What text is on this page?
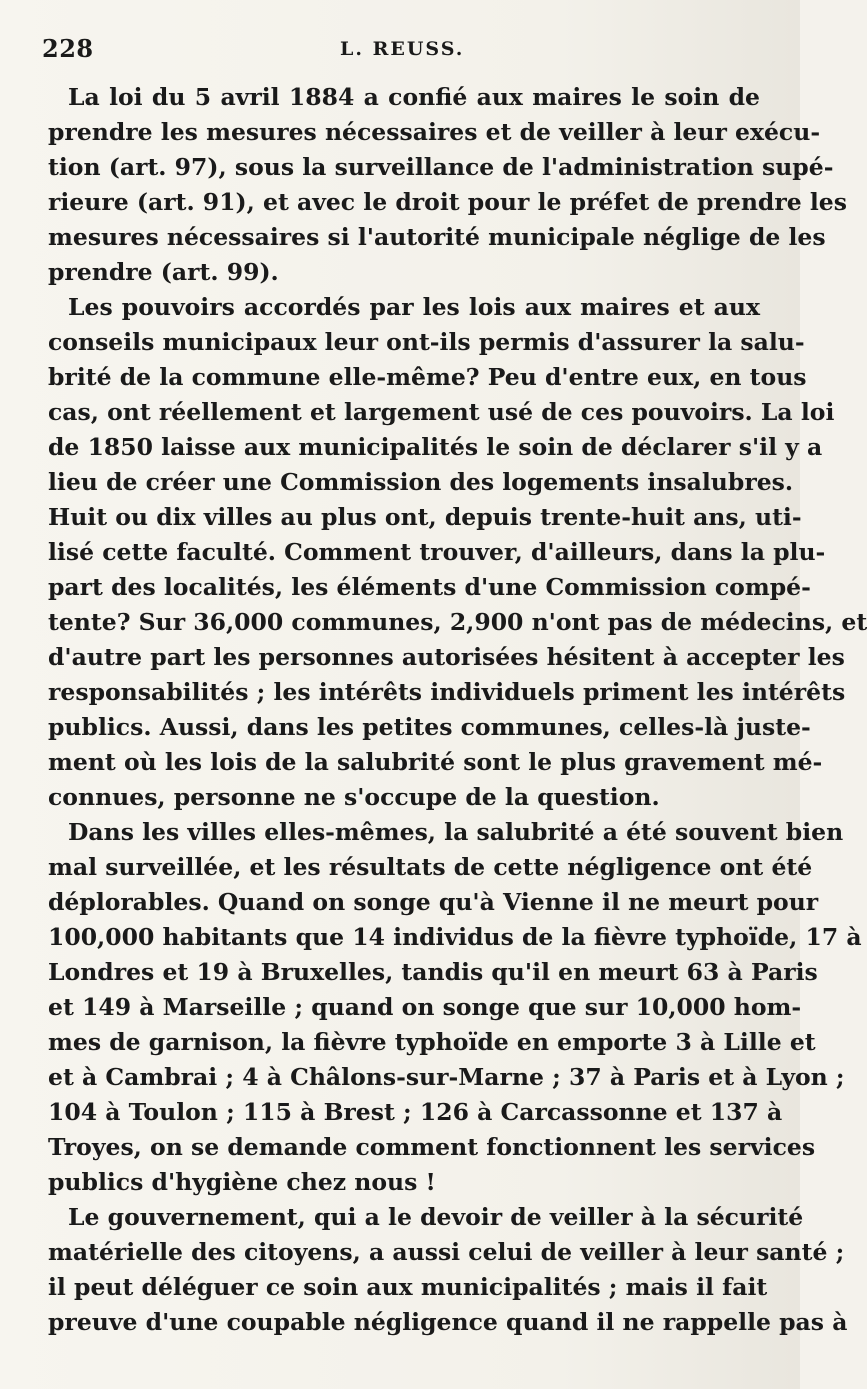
228	L. REUSS.
La loi du 5 avril 1884 a confié aux maires le soin de
prendre les mesures nécessaires et de veiller à leur exécu-
tion (art. 97), sous la surveillance de l'administration supé-
rieure (art. 91), et avec le droit pour le préfet de prendre les
mesures nécessaires si l'autorité municipale néglige de les
prendre (art. 99).
Les pouvoirs accordés par les lois aux maires et aux
conseils municipaux leur ont-ils permis d'assurer la salu-
brité de la commune elle-même? Peu d'entre eux, en tous
cas, ont réellement et largement usé de ces pouvoirs. La loi
de 1850 laisse aux municipalités le soin de déclarer s'il y a
lieu de créer une Commission des logements insalubres.
Huit ou dix villes au plus ont, depuis trente-huit ans, uti-
lisé cette faculté. Comment trouver, d'ailleurs, dans la plu-
part des localités, les éléments d'une Commission compé-
tente? Sur 36,000 communes, 2,900 n'ont pas de médecins, et
d'autre part les personnes autorisées hésitent à accepter les
responsabilités ; les intérêts individuels priment les intérêts
publics. Aussi, dans les petites communes, celles-là juste-
ment où les lois de la salubrité sont le plus gravement mé-
connues, personne ne s'occupe de la question.
Dans les villes elles-mêmes, la salubrité a été souvent bien
mal surveillée, et les résultats de cette négligence ont été
déplorables. Quand on songe qu'à Vienne il ne meurt pour
100,000 habitants que 14 individus de la fièvre typhoïde, 17 à
Londres et 19 à Bruxelles, tandis qu'il en meurt 63 à Paris
et 149 à Marseille ; quand on songe que sur 10,000 hom-
mes de garnison, la fièvre typhoïde en emporte 3 à Lille et
et à Cambrai ; 4 à Châlons-sur-Marne ; 37 à Paris et à Lyon ;
104 à Toulon ; 115 à Brest ; 126 à Carcassonne et 137 à
Troyes, on se demande comment fonctionnent les services
publics d'hygiène chez nous !
Le gouvernement, qui a le devoir de veiller à la sécurité
matérielle des citoyens, a aussi celui de veiller à leur santé ;
il peut déléguer ce soin aux municipalités ; mais il fait
preuve d'une coupable négligence quand il ne rappelle pas à
